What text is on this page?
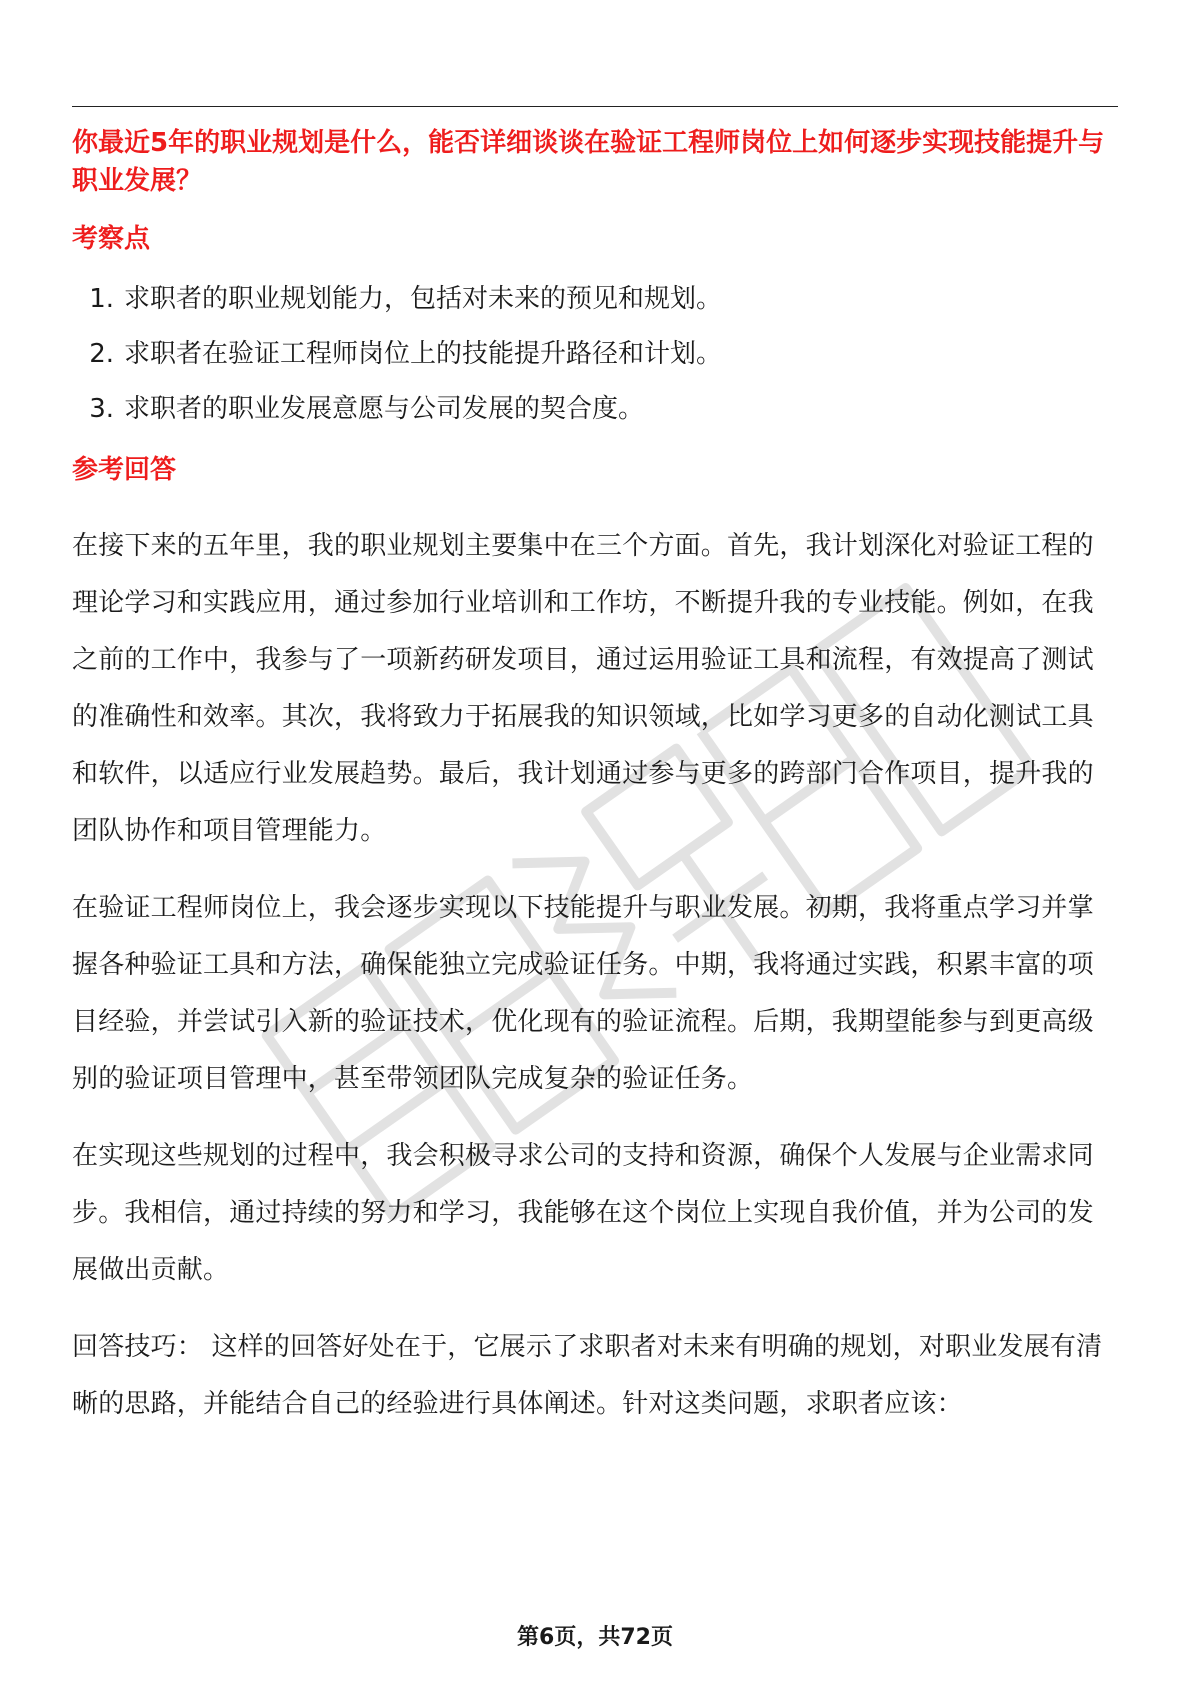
你最近5年的职业规划是什么，能否详细谈谈在验证工程师岗位上如何逐步实现技能提升与职业发展？
考察点
1. 求职者的职业规划能力，包括对未来的预见和规划。
2. 求职者在验证工程师岗位上的技能提升路径和计划。
3. 求职者的职业发展意愿与公司发展的契合度。
参考回答

在接下来的五年里，我的职业规划主要集中在三个方面。首先，我计划深化对验证工程的理论学习和实践应用，通过参加行业培训和工作坊，不断提升我的专业技能。例如，在我之前的工作中，我参与了一项新药研发项目，通过运用验证工具和流程，有效提高了测试的准确性和效率。其次，我将致力于拓展我的知识领域，比如学习更多的自动化测试工具和软件，以适应行业发展趋势。最后，我计划通过参与更多的跨部门合作项目，提升我的团队协作和项目管理能力。

在验证工程师岗位上，我会逐步实现以下技能提升与职业发展。初期，我将重点学习并掌握各种验证工具和方法，确保能独立完成验证任务。中期，我将通过实践，积累丰富的项目经验，并尝试引入新的验证技术，优化现有的验证流程。后期，我期望能参与到更高级别的验证项目管理中，甚至带领团队完成复杂的验证任务。

在实现这些规划的过程中，我会积极寻求公司的支持和资源，确保个人发展与企业需求同步。我相信，通过持续的努力和学习，我能够在这个岗位上实现自我价值，并为公司的发展做出贡献。

回答技巧： 这样的回答好处在于，它展示了求职者对未来有明确的规划，对职业发展有清晰的思路，并能结合自己的经验进行具体阐述。针对这类问题，求职者应该：

第6页，共72页
